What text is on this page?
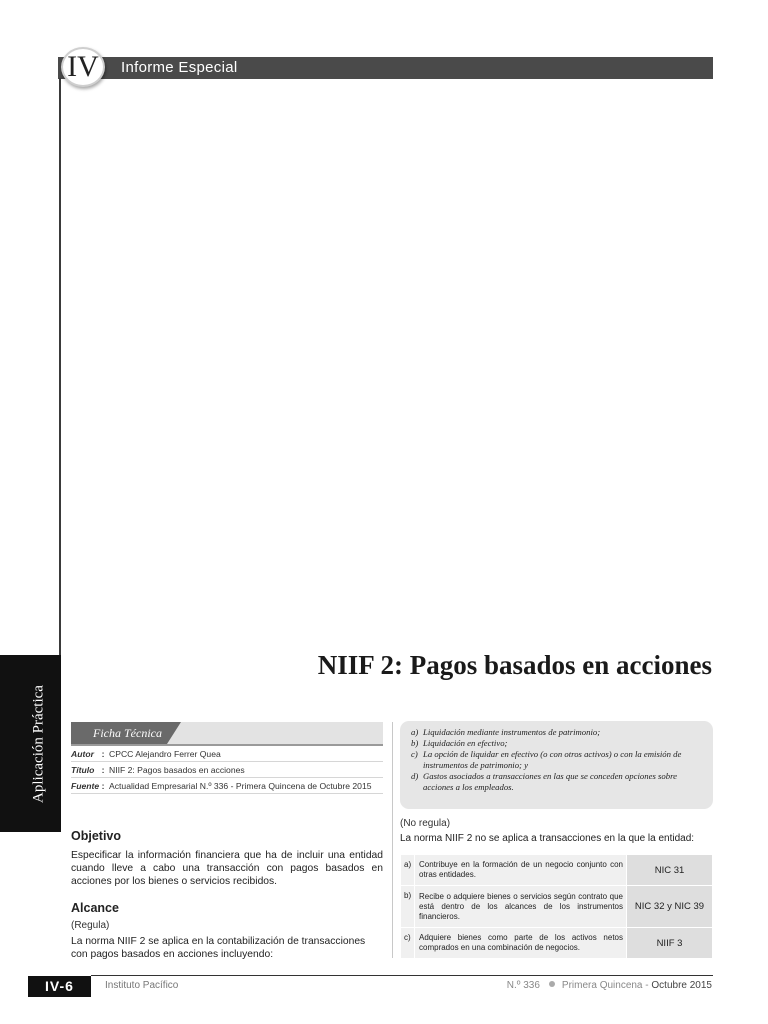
Informe Especial
IV
Aplicación Práctica
NIIF 2: Pagos basados en acciones
Ficha Técnica
Autor : CPCC Alejandro Ferrer Quea
Título : NIIF 2: Pagos basados en acciones
Fuente : Actualidad Empresarial N.º 336 - Primera Quincena de Octubre 2015
Objetivo

Especificar la información financiera que ha de incluir una entidad cuando lleve a cabo una transacción con pagos basados en acciones por los bienes o servicios recibidos.

Alcance
(Regula)

La norma NIIF 2 se aplica en la contabilización de transacciones con pagos basados en acciones incluyendo:

a) Liquidación mediante instrumentos de patrimonio;
b) Liquidación en efectivo;
c) La opción de liquidar en efectivo (o con otros activos) o con la emisión de instrumentos de patrimonio; y
d) Gastos asociados a transacciones en las que se conceden opciones sobre acciones a los empleados.
(No regula)
La norma NIIF 2 no se aplica a transacciones en la que la entidad:
a)	Contribuye en la formación de un negocio conjunto con otras entidades.	NIC 31
b)	Recibe o adquiere bienes o servicios según contrato que está dentro de los alcances de los instrumentos financieros.	NIC 32 y NIC 39
c)	Adquiere bienes como parte de los activos netos comprados en una combinación de negocios.	NIIF 3
IV-6	Instituto Pacífico	N.º 336 Primera Quincena - Octubre 2015
